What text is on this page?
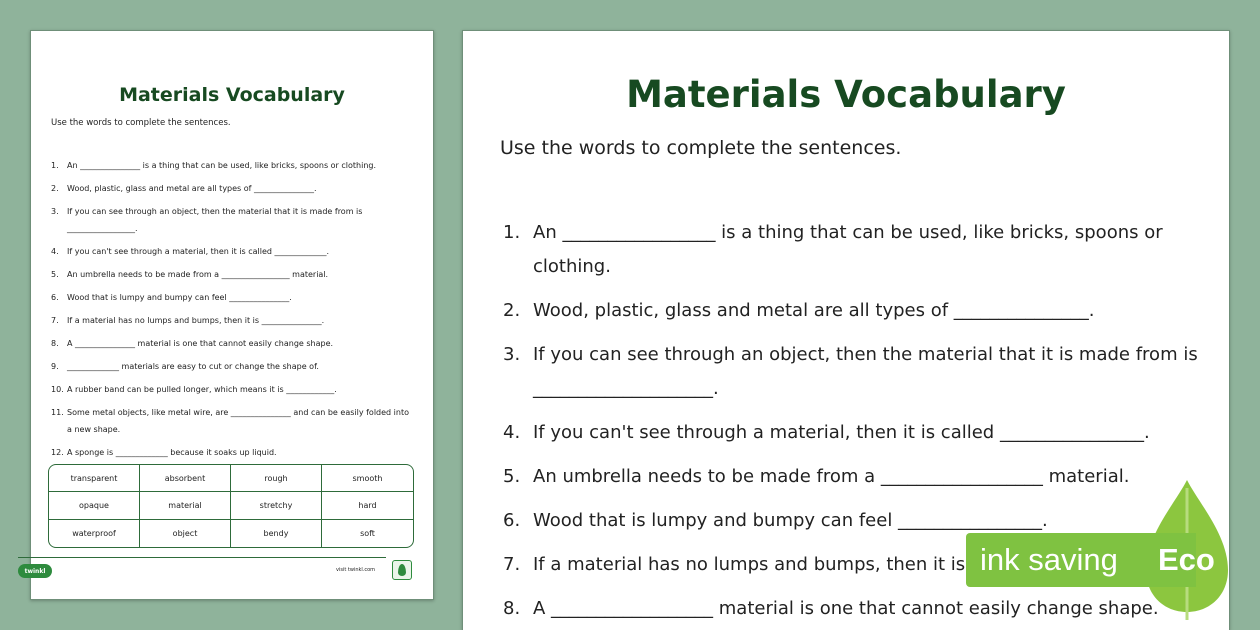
Materials Vocabulary
Use the words to complete the sentences.
1. An _______________ is a thing that can be used, like bricks, spoons or clothing.
2. Wood, plastic, glass and metal are all types of _______________.
3. If you can see through an object, then the material that it is made from is _________________.
4. If you can't see through a material, then it is called _____________.
5. An umbrella needs to be made from a _________________ material.
6. Wood that is lumpy and bumpy can feel _______________.
7. If a material has no lumps and bumps, then it is _______________.
8. A _______________ material is one that cannot easily change shape.
9. _____________ materials are easy to cut or change the shape of.
10. A rubber band can be pulled longer, which means it is ____________.
11. Some metal objects, like metal wire, are _______________ and can be easily folded into a new shape.
12. A sponge is _____________ because it soaks up liquid.
transparent	absorbent	rough	smooth
opaque	material	stretchy	hard
waterproof	object	bendy	soft
twinkl	visit twinkl.com
Materials Vocabulary
Use the words to complete the sentences.
1. An _________________ is a thing that can be used, like bricks, spoons or clothing.
2. Wood, plastic, glass and metal are all types of _______________.
3. If you can see through an object, then the material that it is made from is ____________________.
4. If you can't see through a material, then it is called ________________.
5. An umbrella needs to be made from a __________________ material.
6. Wood that is lumpy and bumpy can feel ________________.
7. If a material has no lumps and bumps, then it is
8. A __________________ material is one that cannot easily change shape.
ink saving Eco
